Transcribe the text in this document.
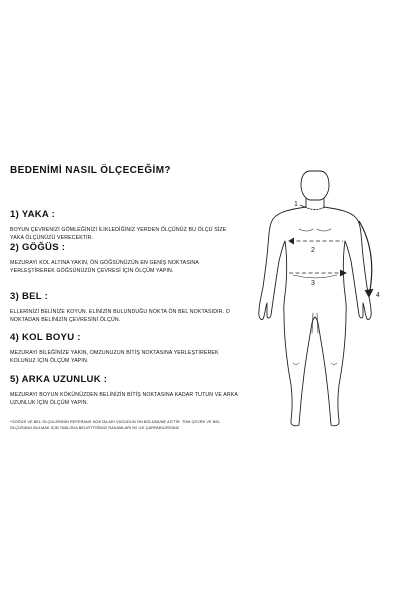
BEDENİMİ NASIL ÖLÇECEĞİM?
1) YAKA :

BOYUN ÇEVRENİZİ GÖMLEĞİNİZİ İLİKLEDİĞİNİZ YERDEN ÖLÇÜNÜZ BU ÖLÇÜ SİZE YAKA ÖLÇÜNÜZÜ VERECEKTİR.

2) GÖĞÜS :

MEZURAYI KOL ALTINA YAKIN, ÖN GÖĞSÜNÜZÜN EN GENİŞ NOKTASINA YERLEŞTİREREK GÖĞSÜNÜZÜN ÇEVRESİ İÇİN ÖLÇÜM YAPIN.

3) BEL :

ELLERİNİZİ BELİNİZE KOYUN. ELİNİZİN BULUNDUĞU NOKTA ÖN BEL NOKTASIDIR. O NOKTADAN BELİNİZİN ÇEVRESİNİ ÖLÇÜN.

4) KOL BOYU :

MEZURAYI BİLEĞİNİZE YAKIN, OMZUNUZUN BİTİŞ NOKTASINA YERLEŞTİREREK KOLUNUZ İÇİN ÖLÇÜM YAPIN.

5) ARKA UZUNLUK :

MEZURAYI BOYUN KÖKÜNÜZDEN BELİNİZİN BİTİŞ NOKTASINA KADAR TUTUN VE ARKA UZUNLUK İÇİN ÖLÇÜM YAPIN.

*GÖĞÜS VE BEL ÖLÇÜLERİNİN REFERANS NOKTALARI VÜCUDUN ÖN BÖLÜMÜNE AİTTİR. TÜM ÇEVRE VE BEL ÖLÇÜSÜNÜ BULMAK İÇİN TABLODA BELİRTTİĞİMİZ RAKAMLARI İKİ İLE ÇARPABİLİRSİNİZ
1
2
3
4
